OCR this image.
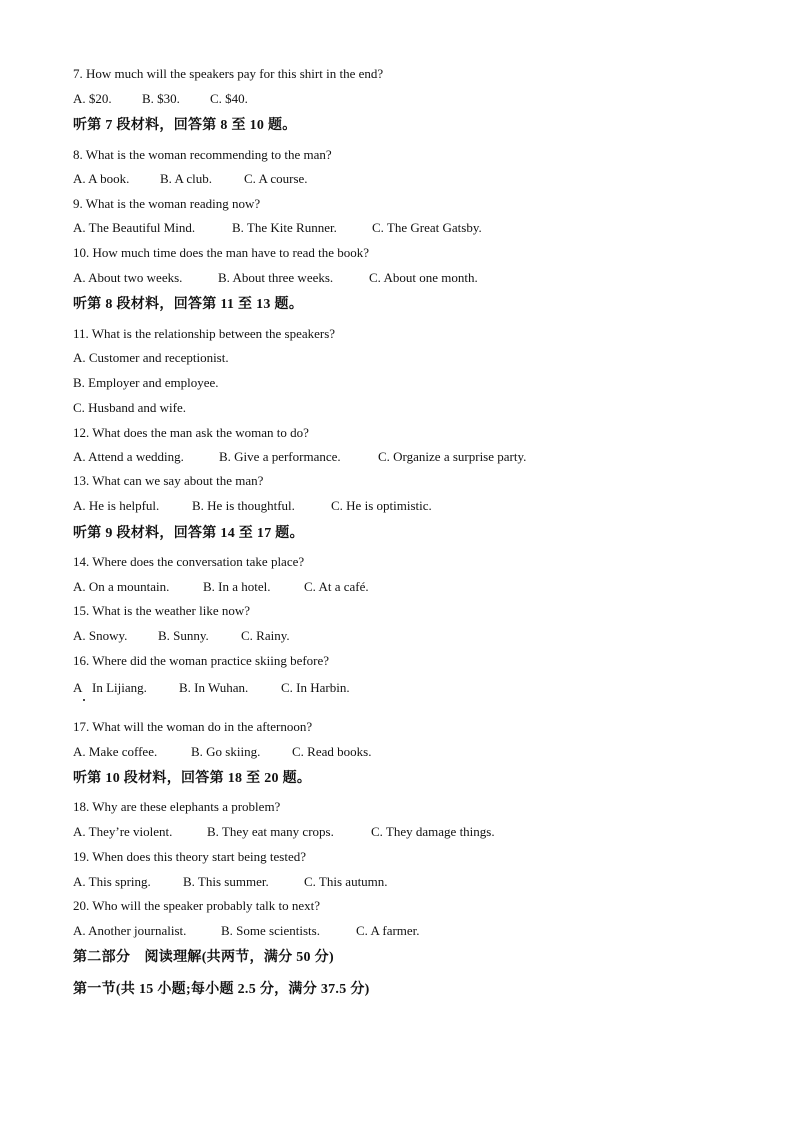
7. How much will the speakers pay for this shirt in the end?
A. $20. B. $30. C. $40.
听第 7 段材料，回答第 8 至 10 题。
8. What is the woman recommending to the man?
A. A book. B. A club. C. A course.
9. What is the woman reading now?
A. The Beautiful Mind.	B. The Kite Runner.	C. The Great Gatsby.
10. How much time does the man have to read the book?
A. About two weeks.	B. About three weeks.	C. About one month.
听第 8 段材料，回答第 11 至 13 题。
11. What is the relationship between the speakers?
A. Customer and receptionist.
B. Employer and employee.
C. Husband and wife.
12. What does the man ask the woman to do?
A. Attend a wedding.	B. Give a performance.	C. Organize a surprise party.
13. What can we say about the man?
A. He is helpful.	B. He is thoughtful.	C. He is optimistic.
听第 9 段材料，回答第 14 至 17 题。
14. Where does the conversation take place?
A. On a mountain.	B. In a hotel.	C. At a café.
15. What is the weather like now?
A. Snowy. B. Sunny. C. Rainy.
16. Where did the woman practice skiing before?
A In Lijiang. B. In Wuhan.	C. In Harbin.
17. What will the woman do in the afternoon?
A. Make coffee.	B. Go skiing. C. Read books.
听第 10 段材料，回答第 18 至 20 题。
18. Why are these elephants a problem?
A. They’re violent.	B. They eat many crops.	C. They damage things.
19. When does this theory start being tested?
A. This spring. B. This summer.	C. This autumn.
20. Who will the speaker probably talk to next?
A. Another journalist.	B. Some scientists.	C. A farmer.
第二部分　阅读理解(共两节，满分 50 分)
第一节(共 15 小题;每小题 2.5 分，满分 37.5 分)
